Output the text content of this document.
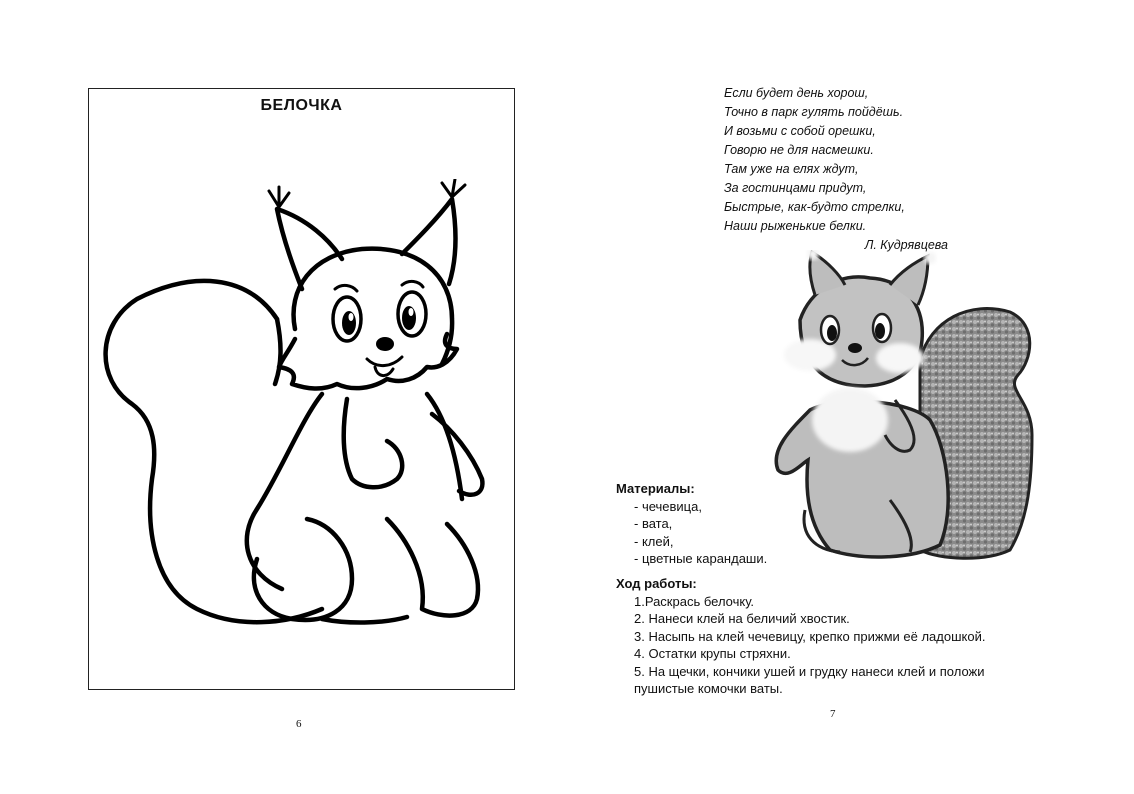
БЕЛОЧКА
6
Если будет день хорош,
Точно в парк гулять пойдёшь.
И возьми с собой орешки,
Говорю не для насмешки.
Там уже на елях ждут,
За гостинцами придут,
Быстрые, как-будто стрелки,
Наши рыженькие белки.
Л. Кудрявцева
Материалы:
- чечевица,
- вата,
- клей,
- цветные карандаши.
Ход работы:
1.Раскрась белочку.
2. Нанеси клей на беличий хвостик.
3. Насыпь на клей чечевицу, крепко прижми её ладошкой.
4. Остатки крупы стряхни.
5. На щечки, кончики ушей и грудку нанеси клей и положи
пушистые комочки ваты.
7
